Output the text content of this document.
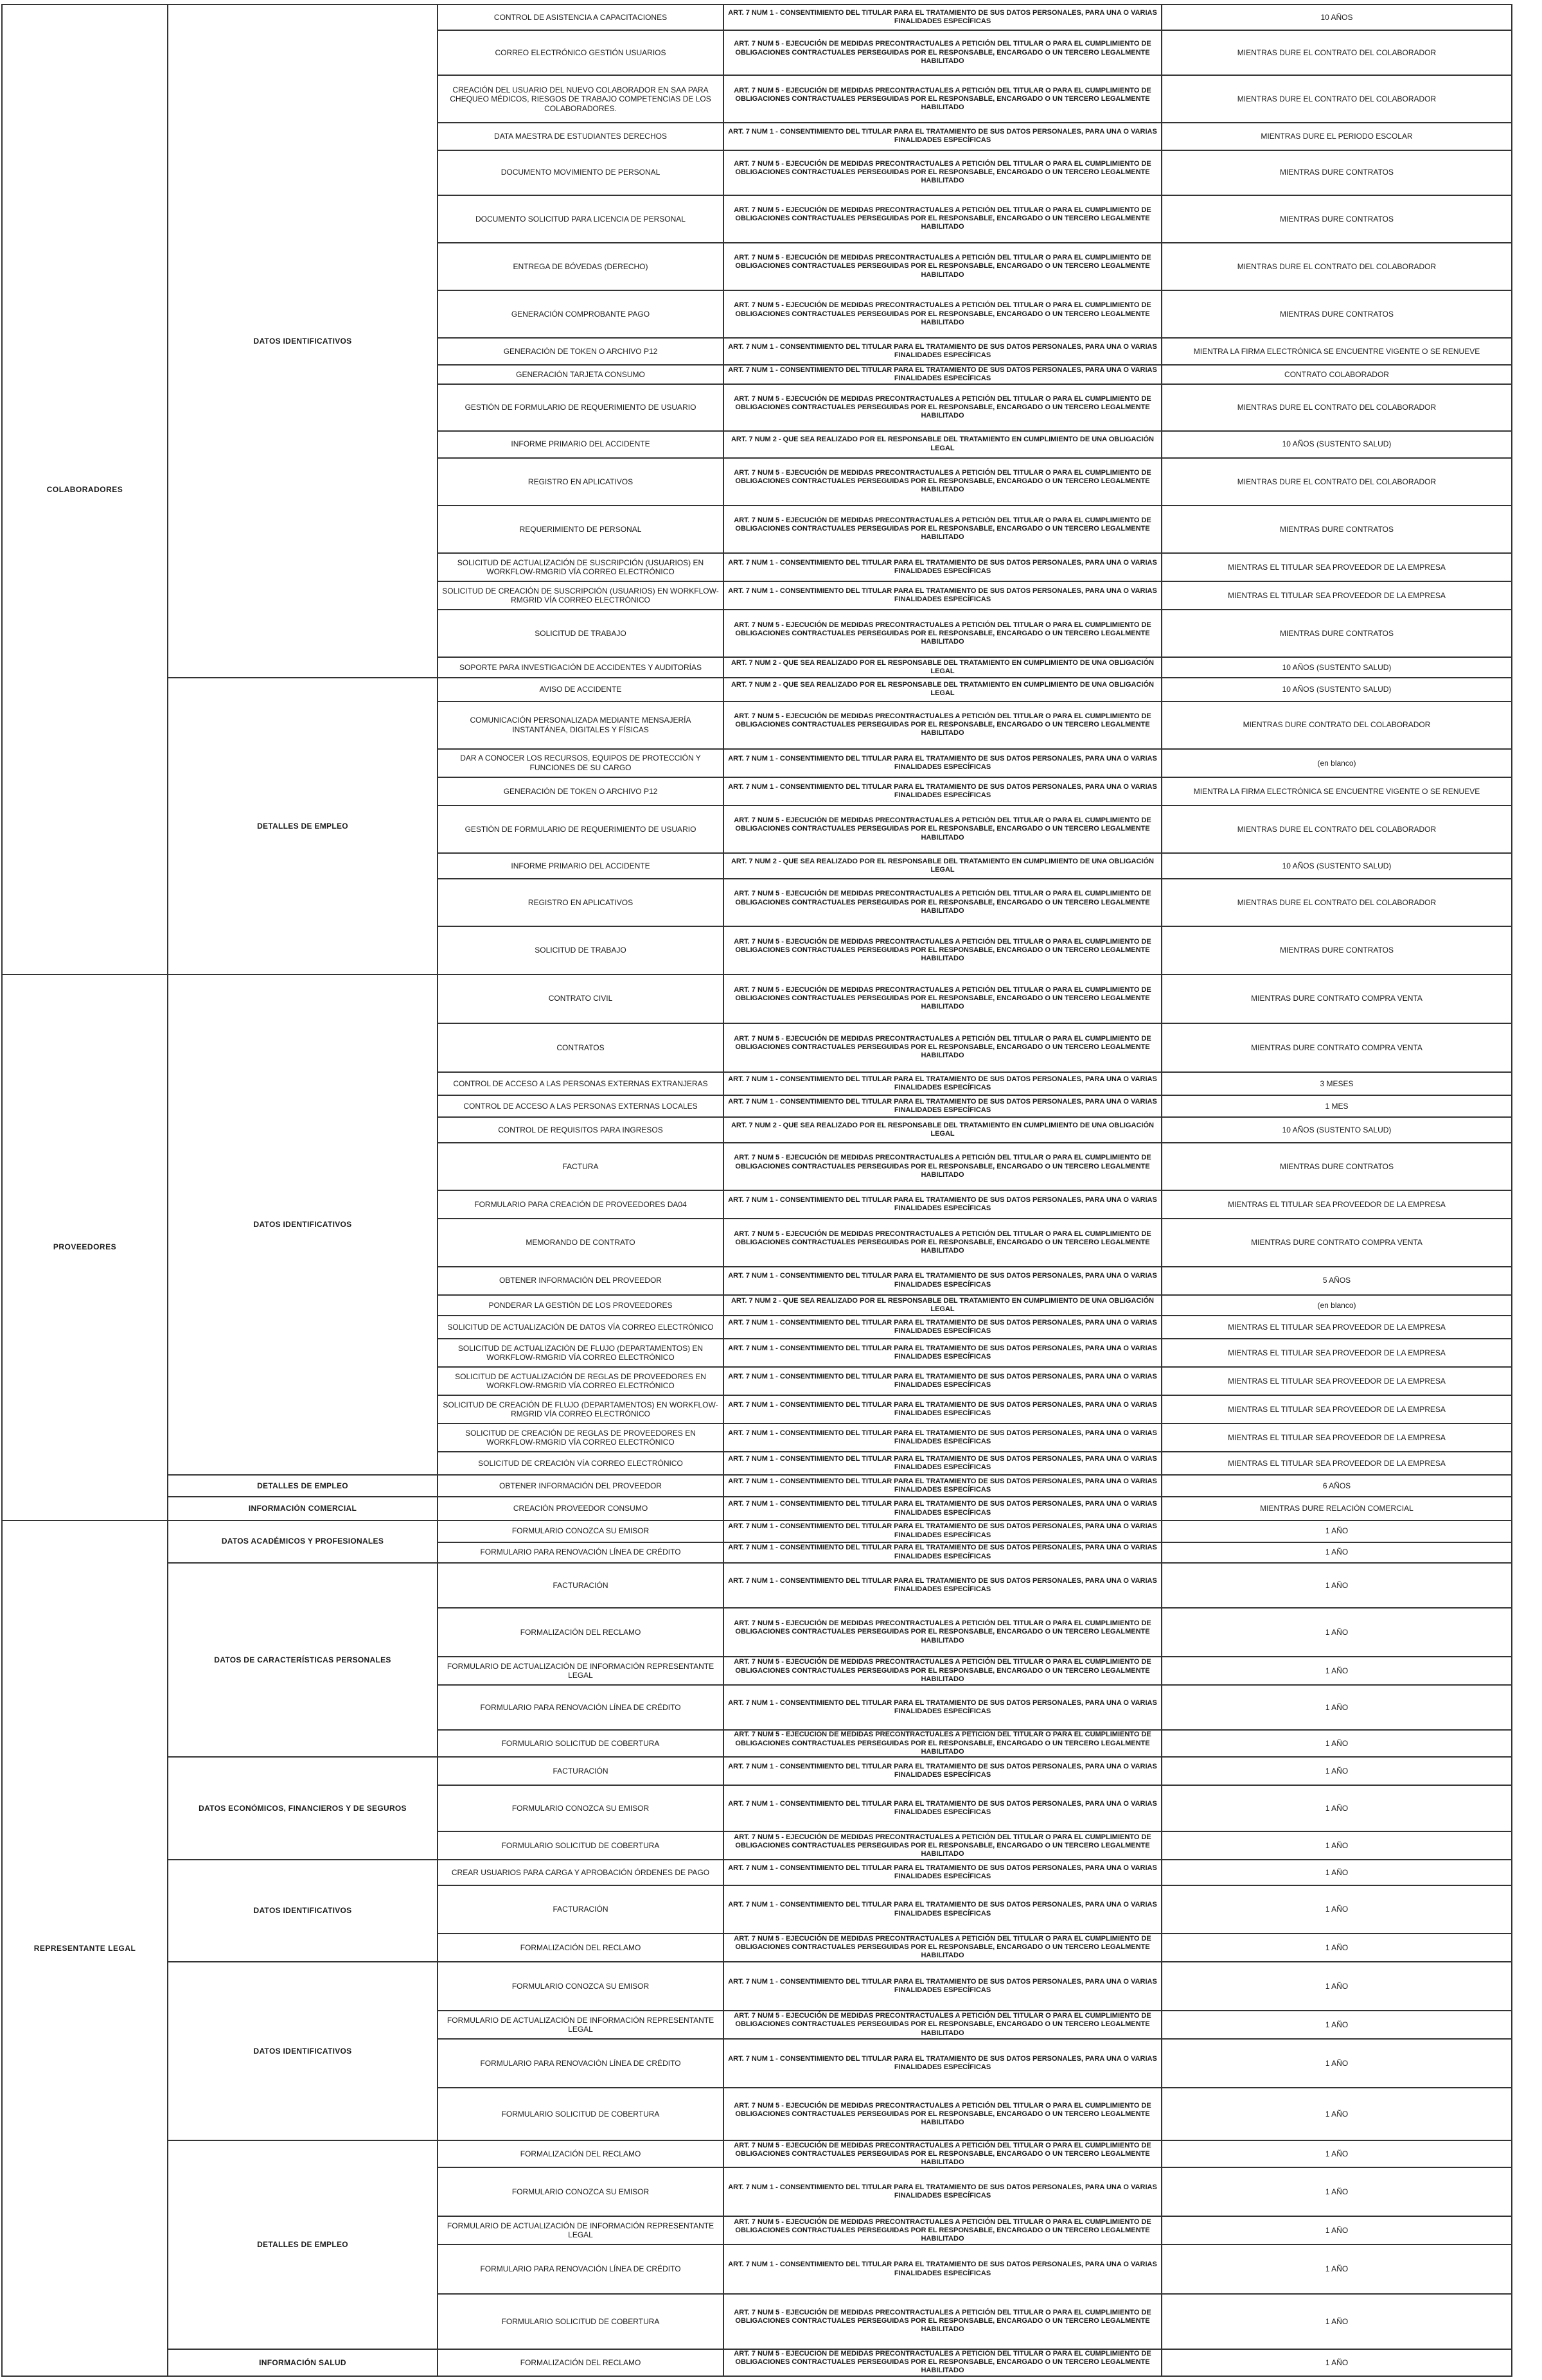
COLABORADORES	DATOS IDENTIFICATIVOS	CONTROL DE ASISTENCIA A CAPACITACIONES	ART. 7 NUM 1 - CONSENTIMIENTO DEL TITULAR PARA EL TRATAMIENTO DE SUS DATOS PERSONALES, PARA UNA O VARIAS FINALIDADES ESPECÍFICAS	10 AÑOS
		CORREO ELECTRÓNICO GESTIÓN USUARIOS	ART. 7 NUM 5 - EJECUCIÓN DE MEDIDAS PRECONTRACTUALES A PETICIÓN DEL TITULAR O PARA EL CUMPLIMIENTO DE OBLIGACIONES CONTRACTUALES PERSEGUIDAS POR EL RESPONSABLE, ENCARGADO O UN TERCERO LEGALMENTE HABILITADO	MIENTRAS DURE EL CONTRATO DEL COLABORADOR
		CREACIÓN DEL USUARIO DEL NUEVO COLABORADOR EN SAA PARA CHEQUEO MÉDICOS, RIESGOS DE TRABAJO COMPETENCIAS DE LOS COLABORADORES.	ART. 7 NUM 5 - EJECUCIÓN DE MEDIDAS PRECONTRACTUALES A PETICIÓN DEL TITULAR O PARA EL CUMPLIMIENTO DE OBLIGACIONES CONTRACTUALES PERSEGUIDAS POR EL RESPONSABLE, ENCARGADO O UN TERCERO LEGALMENTE HABILITADO	MIENTRAS DURE EL CONTRATO DEL COLABORADOR
		DATA MAESTRA DE ESTUDIANTES DERECHOS	ART. 7 NUM 1 - CONSENTIMIENTO DEL TITULAR PARA EL TRATAMIENTO DE SUS DATOS PERSONALES, PARA UNA O VARIAS FINALIDADES ESPECÍFICAS	MIENTRAS DURE EL PERIODO ESCOLAR
		DOCUMENTO MOVIMIENTO DE PERSONAL	ART. 7 NUM 5 - EJECUCIÓN DE MEDIDAS PRECONTRACTUALES A PETICIÓN DEL TITULAR O PARA EL CUMPLIMIENTO DE OBLIGACIONES CONTRACTUALES PERSEGUIDAS POR EL RESPONSABLE, ENCARGADO O UN TERCERO LEGALMENTE HABILITADO	MIENTRAS DURE CONTRATOS
		DOCUMENTO SOLICITUD PARA LICENCIA DE PERSONAL	ART. 7 NUM 5 - EJECUCIÓN DE MEDIDAS PRECONTRACTUALES A PETICIÓN DEL TITULAR O PARA EL CUMPLIMIENTO DE OBLIGACIONES CONTRACTUALES PERSEGUIDAS POR EL RESPONSABLE, ENCARGADO O UN TERCERO LEGALMENTE HABILITADO	MIENTRAS DURE CONTRATOS
		ENTREGA DE BÓVEDAS (DERECHO)	ART. 7 NUM 5 - EJECUCIÓN DE MEDIDAS PRECONTRACTUALES A PETICIÓN DEL TITULAR O PARA EL CUMPLIMIENTO DE OBLIGACIONES CONTRACTUALES PERSEGUIDAS POR EL RESPONSABLE, ENCARGADO O UN TERCERO LEGALMENTE HABILITADO	MIENTRAS DURE EL CONTRATO DEL COLABORADOR
		GENERACIÓN COMPROBANTE PAGO	ART. 7 NUM 5 - EJECUCIÓN DE MEDIDAS PRECONTRACTUALES A PETICIÓN DEL TITULAR O PARA EL CUMPLIMIENTO DE OBLIGACIONES CONTRACTUALES PERSEGUIDAS POR EL RESPONSABLE, ENCARGADO O UN TERCERO LEGALMENTE HABILITADO	MIENTRAS DURE CONTRATOS
		GENERACIÓN DE TOKEN O ARCHIVO P12	ART. 7 NUM 1 - CONSENTIMIENTO DEL TITULAR PARA EL TRATAMIENTO DE SUS DATOS PERSONALES, PARA UNA O VARIAS FINALIDADES ESPECÍFICAS	MIENTRA LA FIRMA ELECTRÓNICA SE ENCUENTRE VIGENTE O SE RENUEVE
		GENERACIÓN TARJETA CONSUMO	ART. 7 NUM 1 - CONSENTIMIENTO DEL TITULAR PARA EL TRATAMIENTO DE SUS DATOS PERSONALES, PARA UNA O VARIAS FINALIDADES ESPECÍFICAS	CONTRATO COLABORADOR
		GESTIÓN DE FORMULARIO DE REQUERIMIENTO DE USUARIO	ART. 7 NUM 5 - EJECUCIÓN DE MEDIDAS PRECONTRACTUALES A PETICIÓN DEL TITULAR O PARA EL CUMPLIMIENTO DE OBLIGACIONES CONTRACTUALES PERSEGUIDAS POR EL RESPONSABLE, ENCARGADO O UN TERCERO LEGALMENTE HABILITADO	MIENTRAS DURE EL CONTRATO DEL COLABORADOR
		INFORME PRIMARIO DEL ACCIDENTE	ART. 7 NUM 2 - QUE SEA REALIZADO POR EL RESPONSABLE DEL TRATAMIENTO EN CUMPLIMIENTO DE UNA OBLIGACIÓN LEGAL	10 AÑOS (SUSTENTO SALUD)
		REGISTRO EN APLICATIVOS	ART. 7 NUM 5 - EJECUCIÓN DE MEDIDAS PRECONTRACTUALES A PETICIÓN DEL TITULAR O PARA EL CUMPLIMIENTO DE OBLIGACIONES CONTRACTUALES PERSEGUIDAS POR EL RESPONSABLE, ENCARGADO O UN TERCERO LEGALMENTE HABILITADO	MIENTRAS DURE EL CONTRATO DEL COLABORADOR
		REQUERIMIENTO DE PERSONAL	ART. 7 NUM 5 - EJECUCIÓN DE MEDIDAS PRECONTRACTUALES A PETICIÓN DEL TITULAR O PARA EL CUMPLIMIENTO DE OBLIGACIONES CONTRACTUALES PERSEGUIDAS POR EL RESPONSABLE, ENCARGADO O UN TERCERO LEGALMENTE HABILITADO	MIENTRAS DURE CONTRATOS
		SOLICITUD DE ACTUALIZACIÓN DE SUSCRIPCIÓN (USUARIOS) EN WORKFLOW-RMGRID VÍA CORREO ELECTRÓNICO	ART. 7 NUM 1 - CONSENTIMIENTO DEL TITULAR PARA EL TRATAMIENTO DE SUS DATOS PERSONALES, PARA UNA O VARIAS FINALIDADES ESPECÍFICAS	MIENTRAS EL TITULAR SEA PROVEEDOR DE LA EMPRESA
		SOLICITUD DE CREACIÓN DE SUSCRIPCIÓN (USUARIOS) EN WORKFLOW-RMGRID VÍA CORREO ELECTRÓNICO	ART. 7 NUM 1 - CONSENTIMIENTO DEL TITULAR PARA EL TRATAMIENTO DE SUS DATOS PERSONALES, PARA UNA O VARIAS FINALIDADES ESPECÍFICAS	MIENTRAS EL TITULAR SEA PROVEEDOR DE LA EMPRESA
		SOLICITUD DE TRABAJO	ART. 7 NUM 5 - EJECUCIÓN DE MEDIDAS PRECONTRACTUALES A PETICIÓN DEL TITULAR O PARA EL CUMPLIMIENTO DE OBLIGACIONES CONTRACTUALES PERSEGUIDAS POR EL RESPONSABLE, ENCARGADO O UN TERCERO LEGALMENTE HABILITADO	MIENTRAS DURE CONTRATOS
		SOPORTE PARA INVESTIGACIÓN DE ACCIDENTES Y AUDITORÍAS	ART. 7 NUM 2 - QUE SEA REALIZADO POR EL RESPONSABLE DEL TRATAMIENTO EN CUMPLIMIENTO DE UNA OBLIGACIÓN LEGAL	10 AÑOS (SUSTENTO SALUD)
	DETALLES DE EMPLEO	AVISO DE ACCIDENTE	ART. 7 NUM 2 - QUE SEA REALIZADO POR EL RESPONSABLE DEL TRATAMIENTO EN CUMPLIMIENTO DE UNA OBLIGACIÓN LEGAL	10 AÑOS (SUSTENTO SALUD)
		COMUNICACIÓN PERSONALIZADA MEDIANTE MENSAJERÍA INSTANTÁNEA, DIGITALES Y FÍSICAS	ART. 7 NUM 5 - EJECUCIÓN DE MEDIDAS PRECONTRACTUALES A PETICIÓN DEL TITULAR O PARA EL CUMPLIMIENTO DE OBLIGACIONES CONTRACTUALES PERSEGUIDAS POR EL RESPONSABLE, ENCARGADO O UN TERCERO LEGALMENTE HABILITADO	MIENTRAS DURE CONTRATO DEL COLABORADOR
		DAR A CONOCER LOS RECURSOS, EQUIPOS DE PROTECCIÓN Y FUNCIONES DE SU CARGO	ART. 7 NUM 1 - CONSENTIMIENTO DEL TITULAR PARA EL TRATAMIENTO DE SUS DATOS PERSONALES, PARA UNA O VARIAS FINALIDADES ESPECÍFICAS	(en blanco)
		GENERACIÓN DE TOKEN O ARCHIVO P12	ART. 7 NUM 1 - CONSENTIMIENTO DEL TITULAR PARA EL TRATAMIENTO DE SUS DATOS PERSONALES, PARA UNA O VARIAS FINALIDADES ESPECÍFICAS	MIENTRA LA FIRMA ELECTRÓNICA SE ENCUENTRE VIGENTE O SE RENUEVE
		GESTIÓN DE FORMULARIO DE REQUERIMIENTO DE USUARIO	ART. 7 NUM 5 - EJECUCIÓN DE MEDIDAS PRECONTRACTUALES A PETICIÓN DEL TITULAR O PARA EL CUMPLIMIENTO DE OBLIGACIONES CONTRACTUALES PERSEGUIDAS POR EL RESPONSABLE, ENCARGADO O UN TERCERO LEGALMENTE HABILITADO	MIENTRAS DURE EL CONTRATO DEL COLABORADOR
		INFORME PRIMARIO DEL ACCIDENTE	ART. 7 NUM 2 - QUE SEA REALIZADO POR EL RESPONSABLE DEL TRATAMIENTO EN CUMPLIMIENTO DE UNA OBLIGACIÓN LEGAL	10 AÑOS (SUSTENTO SALUD)
		REGISTRO EN APLICATIVOS	ART. 7 NUM 5 - EJECUCIÓN DE MEDIDAS PRECONTRACTUALES A PETICIÓN DEL TITULAR O PARA EL CUMPLIMIENTO DE OBLIGACIONES CONTRACTUALES PERSEGUIDAS POR EL RESPONSABLE, ENCARGADO O UN TERCERO LEGALMENTE HABILITADO	MIENTRAS DURE EL CONTRATO DEL COLABORADOR
		SOLICITUD DE TRABAJO	ART. 7 NUM 5 - EJECUCIÓN DE MEDIDAS PRECONTRACTUALES A PETICIÓN DEL TITULAR O PARA EL CUMPLIMIENTO DE OBLIGACIONES CONTRACTUALES PERSEGUIDAS POR EL RESPONSABLE, ENCARGADO O UN TERCERO LEGALMENTE HABILITADO	MIENTRAS DURE CONTRATOS
PROVEEDORES	DATOS IDENTIFICATIVOS	CONTRATO CIVIL	ART. 7 NUM 5 - EJECUCIÓN DE MEDIDAS PRECONTRACTUALES A PETICIÓN DEL TITULAR O PARA EL CUMPLIMIENTO DE OBLIGACIONES CONTRACTUALES PERSEGUIDAS POR EL RESPONSABLE, ENCARGADO O UN TERCERO LEGALMENTE HABILITADO	MIENTRAS DURE CONTRATO COMPRA VENTA
		CONTRATOS	ART. 7 NUM 5 - EJECUCIÓN DE MEDIDAS PRECONTRACTUALES A PETICIÓN DEL TITULAR O PARA EL CUMPLIMIENTO DE OBLIGACIONES CONTRACTUALES PERSEGUIDAS POR EL RESPONSABLE, ENCARGADO O UN TERCERO LEGALMENTE HABILITADO	MIENTRAS DURE CONTRATO COMPRA VENTA
		CONTROL DE ACCESO A LAS PERSONAS EXTERNAS EXTRANJERAS	ART. 7 NUM 1 - CONSENTIMIENTO DEL TITULAR PARA EL TRATAMIENTO DE SUS DATOS PERSONALES, PARA UNA O VARIAS FINALIDADES ESPECÍFICAS	3 MESES
		CONTROL DE ACCESO A LAS PERSONAS EXTERNAS LOCALES	ART. 7 NUM 1 - CONSENTIMIENTO DEL TITULAR PARA EL TRATAMIENTO DE SUS DATOS PERSONALES, PARA UNA O VARIAS FINALIDADES ESPECÍFICAS	1 MES
		CONTROL DE REQUISITOS PARA INGRESOS	ART. 7 NUM 2 - QUE SEA REALIZADO POR EL RESPONSABLE DEL TRATAMIENTO EN CUMPLIMIENTO DE UNA OBLIGACIÓN LEGAL	10 AÑOS (SUSTENTO SALUD)
		FACTURA	ART. 7 NUM 5 - EJECUCIÓN DE MEDIDAS PRECONTRACTUALES A PETICIÓN DEL TITULAR O PARA EL CUMPLIMIENTO DE OBLIGACIONES CONTRACTUALES PERSEGUIDAS POR EL RESPONSABLE, ENCARGADO O UN TERCERO LEGALMENTE HABILITADO	MIENTRAS DURE CONTRATOS
		FORMULARIO PARA CREACIÓN DE PROVEEDORES DA04	ART. 7 NUM 1 - CONSENTIMIENTO DEL TITULAR PARA EL TRATAMIENTO DE SUS DATOS PERSONALES, PARA UNA O VARIAS FINALIDADES ESPECÍFICAS	MIENTRAS EL TITULAR SEA PROVEEDOR DE LA EMPRESA
		MEMORANDO DE CONTRATO	ART. 7 NUM 5 - EJECUCIÓN DE MEDIDAS PRECONTRACTUALES A PETICIÓN DEL TITULAR O PARA EL CUMPLIMIENTO DE OBLIGACIONES CONTRACTUALES PERSEGUIDAS POR EL RESPONSABLE, ENCARGADO O UN TERCERO LEGALMENTE HABILITADO	MIENTRAS DURE CONTRATO COMPRA VENTA
		OBTENER INFORMACIÓN DEL PROVEEDOR	ART. 7 NUM 1 - CONSENTIMIENTO DEL TITULAR PARA EL TRATAMIENTO DE SUS DATOS PERSONALES, PARA UNA O VARIAS FINALIDADES ESPECÍFICAS	5 AÑOS
		PONDERAR LA GESTIÓN DE LOS PROVEEDORES	ART. 7 NUM 2 - QUE SEA REALIZADO POR EL RESPONSABLE DEL TRATAMIENTO EN CUMPLIMIENTO DE UNA OBLIGACIÓN LEGAL	(en blanco)
		SOLICITUD DE ACTUALIZACIÓN DE DATOS VÍA CORREO ELECTRÓNICO	ART. 7 NUM 1 - CONSENTIMIENTO DEL TITULAR PARA EL TRATAMIENTO DE SUS DATOS PERSONALES, PARA UNA O VARIAS FINALIDADES ESPECÍFICAS	MIENTRAS EL TITULAR SEA PROVEEDOR DE LA EMPRESA
		SOLICITUD DE ACTUALIZACIÓN DE FLUJO (DEPARTAMENTOS) EN WORKFLOW-RMGRID VÍA CORREO ELECTRÓNICO	ART. 7 NUM 1 - CONSENTIMIENTO DEL TITULAR PARA EL TRATAMIENTO DE SUS DATOS PERSONALES, PARA UNA O VARIAS FINALIDADES ESPECÍFICAS	MIENTRAS EL TITULAR SEA PROVEEDOR DE LA EMPRESA
		SOLICITUD DE ACTUALIZACIÓN DE REGLAS DE PROVEEDORES EN WORKFLOW-RMGRID VÍA CORREO ELECTRÓNICO	ART. 7 NUM 1 - CONSENTIMIENTO DEL TITULAR PARA EL TRATAMIENTO DE SUS DATOS PERSONALES, PARA UNA O VARIAS FINALIDADES ESPECÍFICAS	MIENTRAS EL TITULAR SEA PROVEEDOR DE LA EMPRESA
		SOLICITUD DE CREACIÓN DE FLUJO (DEPARTAMENTOS) EN WORKFLOW-RMGRID VÍA CORREO ELECTRÓNICO	ART. 7 NUM 1 - CONSENTIMIENTO DEL TITULAR PARA EL TRATAMIENTO DE SUS DATOS PERSONALES, PARA UNA O VARIAS FINALIDADES ESPECÍFICAS	MIENTRAS EL TITULAR SEA PROVEEDOR DE LA EMPRESA
		SOLICITUD DE CREACIÓN DE REGLAS DE PROVEEDORES EN WORKFLOW-RMGRID VÍA CORREO ELECTRÓNICO	ART. 7 NUM 1 - CONSENTIMIENTO DEL TITULAR PARA EL TRATAMIENTO DE SUS DATOS PERSONALES, PARA UNA O VARIAS FINALIDADES ESPECÍFICAS	MIENTRAS EL TITULAR SEA PROVEEDOR DE LA EMPRESA
		SOLICITUD DE CREACIÓN VÍA CORREO ELECTRÓNICO	ART. 7 NUM 1 - CONSENTIMIENTO DEL TITULAR PARA EL TRATAMIENTO DE SUS DATOS PERSONALES, PARA UNA O VARIAS FINALIDADES ESPECÍFICAS	MIENTRAS EL TITULAR SEA PROVEEDOR DE LA EMPRESA
	DETALLES DE EMPLEO	OBTENER INFORMACIÓN DEL PROVEEDOR	ART. 7 NUM 1 - CONSENTIMIENTO DEL TITULAR PARA EL TRATAMIENTO DE SUS DATOS PERSONALES, PARA UNA O VARIAS FINALIDADES ESPECÍFICAS	6 AÑOS
	INFORMACIÓN COMERCIAL	CREACIÓN PROVEEDOR CONSUMO	ART. 7 NUM 1 - CONSENTIMIENTO DEL TITULAR PARA EL TRATAMIENTO DE SUS DATOS PERSONALES, PARA UNA O VARIAS FINALIDADES ESPECÍFICAS	MIENTRAS DURE RELACIÓN COMERCIAL
REPRESENTANTE LEGAL	DATOS ACADÉMICOS Y PROFESIONALES	FORMULARIO CONOZCA SU EMISOR	ART. 7 NUM 1 - CONSENTIMIENTO DEL TITULAR PARA EL TRATAMIENTO DE SUS DATOS PERSONALES, PARA UNA O VARIAS FINALIDADES ESPECÍFICAS	1 AÑO
		FORMULARIO PARA RENOVACIÓN LÍNEA DE CRÉDITO	ART. 7 NUM 1 - CONSENTIMIENTO DEL TITULAR PARA EL TRATAMIENTO DE SUS DATOS PERSONALES, PARA UNA O VARIAS FINALIDADES ESPECÍFICAS	1 AÑO
	DATOS DE CARACTERÍSTICAS PERSONALES	FACTURACIÓN	ART. 7 NUM 1 - CONSENTIMIENTO DEL TITULAR PARA EL TRATAMIENTO DE SUS DATOS PERSONALES, PARA UNA O VARIAS FINALIDADES ESPECÍFICAS	1 AÑO
		FORMALIZACIÓN DEL RECLAMO	ART. 7 NUM 5 - EJECUCIÓN DE MEDIDAS PRECONTRACTUALES A PETICIÓN DEL TITULAR O PARA EL CUMPLIMIENTO DE OBLIGACIONES CONTRACTUALES PERSEGUIDAS POR EL RESPONSABLE, ENCARGADO O UN TERCERO LEGALMENTE HABILITADO	1 AÑO
		FORMULARIO DE ACTUALIZACIÓN DE INFORMACIÓN REPRESENTANTE LEGAL	ART. 7 NUM 5 - EJECUCIÓN DE MEDIDAS PRECONTRACTUALES A PETICIÓN DEL TITULAR O PARA EL CUMPLIMIENTO DE OBLIGACIONES CONTRACTUALES PERSEGUIDAS POR EL RESPONSABLE, ENCARGADO O UN TERCERO LEGALMENTE HABILITADO	1 AÑO
		FORMULARIO PARA RENOVACIÓN LÍNEA DE CRÉDITO	ART. 7 NUM 1 - CONSENTIMIENTO DEL TITULAR PARA EL TRATAMIENTO DE SUS DATOS PERSONALES, PARA UNA O VARIAS FINALIDADES ESPECÍFICAS	1 AÑO
		FORMULARIO SOLICITUD DE COBERTURA	ART. 7 NUM 5 - EJECUCIÓN DE MEDIDAS PRECONTRACTUALES A PETICIÓN DEL TITULAR O PARA EL CUMPLIMIENTO DE OBLIGACIONES CONTRACTUALES PERSEGUIDAS POR EL RESPONSABLE, ENCARGADO O UN TERCERO LEGALMENTE HABILITADO	1 AÑO
	DATOS ECONÓMICOS, FINANCIEROS Y DE SEGUROS	FACTURACIÓN	ART. 7 NUM 1 - CONSENTIMIENTO DEL TITULAR PARA EL TRATAMIENTO DE SUS DATOS PERSONALES, PARA UNA O VARIAS FINALIDADES ESPECÍFICAS	1 AÑO
		FORMULARIO CONOZCA SU EMISOR	ART. 7 NUM 1 - CONSENTIMIENTO DEL TITULAR PARA EL TRATAMIENTO DE SUS DATOS PERSONALES, PARA UNA O VARIAS FINALIDADES ESPECÍFICAS	1 AÑO
		FORMULARIO SOLICITUD DE COBERTURA	ART. 7 NUM 5 - EJECUCIÓN DE MEDIDAS PRECONTRACTUALES A PETICIÓN DEL TITULAR O PARA EL CUMPLIMIENTO DE OBLIGACIONES CONTRACTUALES PERSEGUIDAS POR EL RESPONSABLE, ENCARGADO O UN TERCERO LEGALMENTE HABILITADO	1 AÑO
	DATOS IDENTIFICATIVOS	CREAR USUARIOS PARA CARGA Y APROBACIÓN ÓRDENES DE PAGO	ART. 7 NUM 1 - CONSENTIMIENTO DEL TITULAR PARA EL TRATAMIENTO DE SUS DATOS PERSONALES, PARA UNA O VARIAS FINALIDADES ESPECÍFICAS	1 AÑO
		FACTURACIÓN	ART. 7 NUM 1 - CONSENTIMIENTO DEL TITULAR PARA EL TRATAMIENTO DE SUS DATOS PERSONALES, PARA UNA O VARIAS FINALIDADES ESPECÍFICAS	1 AÑO
		FORMALIZACIÓN DEL RECLAMO	ART. 7 NUM 5 - EJECUCIÓN DE MEDIDAS PRECONTRACTUALES A PETICIÓN DEL TITULAR O PARA EL CUMPLIMIENTO DE OBLIGACIONES CONTRACTUALES PERSEGUIDAS POR EL RESPONSABLE, ENCARGADO O UN TERCERO LEGALMENTE HABILITADO	1 AÑO
	DATOS IDENTIFICATIVOS	FORMULARIO CONOZCA SU EMISOR	ART. 7 NUM 1 - CONSENTIMIENTO DEL TITULAR PARA EL TRATAMIENTO DE SUS DATOS PERSONALES, PARA UNA O VARIAS FINALIDADES ESPECÍFICAS	1 AÑO
		FORMULARIO DE ACTUALIZACIÓN DE INFORMACIÓN REPRESENTANTE LEGAL	ART. 7 NUM 5 - EJECUCIÓN DE MEDIDAS PRECONTRACTUALES A PETICIÓN DEL TITULAR O PARA EL CUMPLIMIENTO DE OBLIGACIONES CONTRACTUALES PERSEGUIDAS POR EL RESPONSABLE, ENCARGADO O UN TERCERO LEGALMENTE HABILITADO	1 AÑO
		FORMULARIO PARA RENOVACIÓN LÍNEA DE CRÉDITO	ART. 7 NUM 1 - CONSENTIMIENTO DEL TITULAR PARA EL TRATAMIENTO DE SUS DATOS PERSONALES, PARA UNA O VARIAS FINALIDADES ESPECÍFICAS	1 AÑO
		FORMULARIO SOLICITUD DE COBERTURA	ART. 7 NUM 5 - EJECUCIÓN DE MEDIDAS PRECONTRACTUALES A PETICIÓN DEL TITULAR O PARA EL CUMPLIMIENTO DE OBLIGACIONES CONTRACTUALES PERSEGUIDAS POR EL RESPONSABLE, ENCARGADO O UN TERCERO LEGALMENTE HABILITADO	1 AÑO
	DETALLES DE EMPLEO	FORMALIZACIÓN DEL RECLAMO	ART. 7 NUM 5 - EJECUCIÓN DE MEDIDAS PRECONTRACTUALES A PETICIÓN DEL TITULAR O PARA EL CUMPLIMIENTO DE OBLIGACIONES CONTRACTUALES PERSEGUIDAS POR EL RESPONSABLE, ENCARGADO O UN TERCERO LEGALMENTE HABILITADO	1 AÑO
		FORMULARIO CONOZCA SU EMISOR	ART. 7 NUM 1 - CONSENTIMIENTO DEL TITULAR PARA EL TRATAMIENTO DE SUS DATOS PERSONALES, PARA UNA O VARIAS FINALIDADES ESPECÍFICAS	1 AÑO
		FORMULARIO DE ACTUALIZACIÓN DE INFORMACIÓN REPRESENTANTE LEGAL	ART. 7 NUM 5 - EJECUCIÓN DE MEDIDAS PRECONTRACTUALES A PETICIÓN DEL TITULAR O PARA EL CUMPLIMIENTO DE OBLIGACIONES CONTRACTUALES PERSEGUIDAS POR EL RESPONSABLE, ENCARGADO O UN TERCERO LEGALMENTE HABILITADO	1 AÑO
		FORMULARIO PARA RENOVACIÓN LÍNEA DE CRÉDITO	ART. 7 NUM 1 - CONSENTIMIENTO DEL TITULAR PARA EL TRATAMIENTO DE SUS DATOS PERSONALES, PARA UNA O VARIAS FINALIDADES ESPECÍFICAS	1 AÑO
		FORMULARIO SOLICITUD DE COBERTURA	ART. 7 NUM 5 - EJECUCIÓN DE MEDIDAS PRECONTRACTUALES A PETICIÓN DEL TITULAR O PARA EL CUMPLIMIENTO DE OBLIGACIONES CONTRACTUALES PERSEGUIDAS POR EL RESPONSABLE, ENCARGADO O UN TERCERO LEGALMENTE HABILITADO	1 AÑO
	INFORMACIÓN SALUD	FORMALIZACIÓN DEL RECLAMO	ART. 7 NUM 5 - EJECUCIÓN DE MEDIDAS PRECONTRACTUALES A PETICIÓN DEL TITULAR O PARA EL CUMPLIMIENTO DE OBLIGACIONES CONTRACTUALES PERSEGUIDAS POR EL RESPONSABLE, ENCARGADO O UN TERCERO LEGALMENTE HABILITADO	1 AÑO
